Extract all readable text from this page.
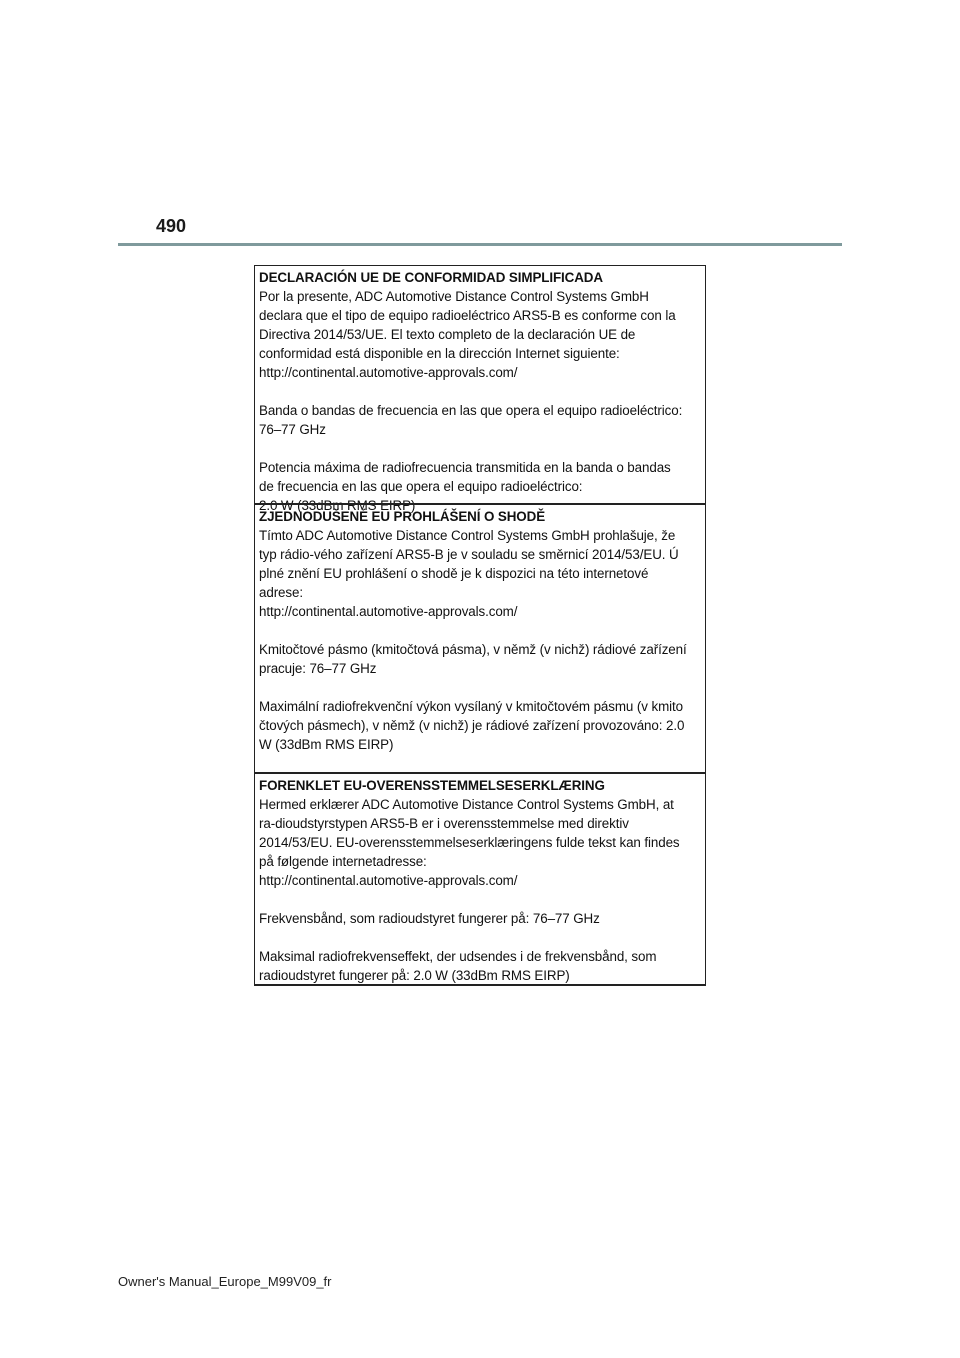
490
DECLARACIÓN UE DE CONFORMIDAD SIMPLIFICADA
Por la presente, ADC Automotive Distance Control Systems GmbH
declara que el tipo de equipo radioeléctrico ARS5-B es conforme con la
Directiva 2014/53/UE. El texto completo de la declaración UE de
conformidad está disponible en la dirección Internet siguiente:
http://continental.automotive-approvals.com/
Banda o bandas de frecuencia en las que opera el equipo radioeléctrico:
76–77 GHz
Potencia máxima de radiofrecuencia transmitida en la banda o bandas
de frecuencia en las que opera el equipo radioeléctrico:
2.0 W (33dBm RMS EIRP)
ZJEDNODUŠENÉ EU PROHLÁŠENÍ O SHODĚ
Tímto ADC Automotive Distance Control Systems GmbH prohlašuje, že
typ rádio-vého zařízení ARS5-B je v souladu se směrnicí 2014/53/EU. Ú
plné znění EU prohlášení o shodě je k dispozici na této internetové
adrese:
http://continental.automotive-approvals.com/
Kmitočtové pásmo (kmitočtová pásma), v němž (v nichž) rádiové zařízení
pracuje: 76–77 GHz
Maximální radiofrekvenční výkon vysílaný v kmitočtovém pásmu (v kmito
čtových pásmech), v němž (v nichž) je rádiové zařízení provozováno: 2.0
W (33dBm RMS EIRP)
FORENKLET EU-OVERENSSTEMMELSESERKLÆRING
Hermed erklærer ADC Automotive Distance Control Systems GmbH, at
ra-dioudstyrstypen ARS5-B er i overensstemmelse med direktiv
2014/53/EU. EU-overensstemmelseserklæringens fulde tekst kan findes
på følgende internetadresse:
http://continental.automotive-approvals.com/
Frekvensbånd, som radioudstyret fungerer på: 76–77 GHz
Maksimal radiofrekvenseffekt, der udsendes i de frekvensbånd, som
radioudstyret fungerer på: 2.0 W (33dBm RMS EIRP)
Owner's Manual_Europe_M99V09_fr
